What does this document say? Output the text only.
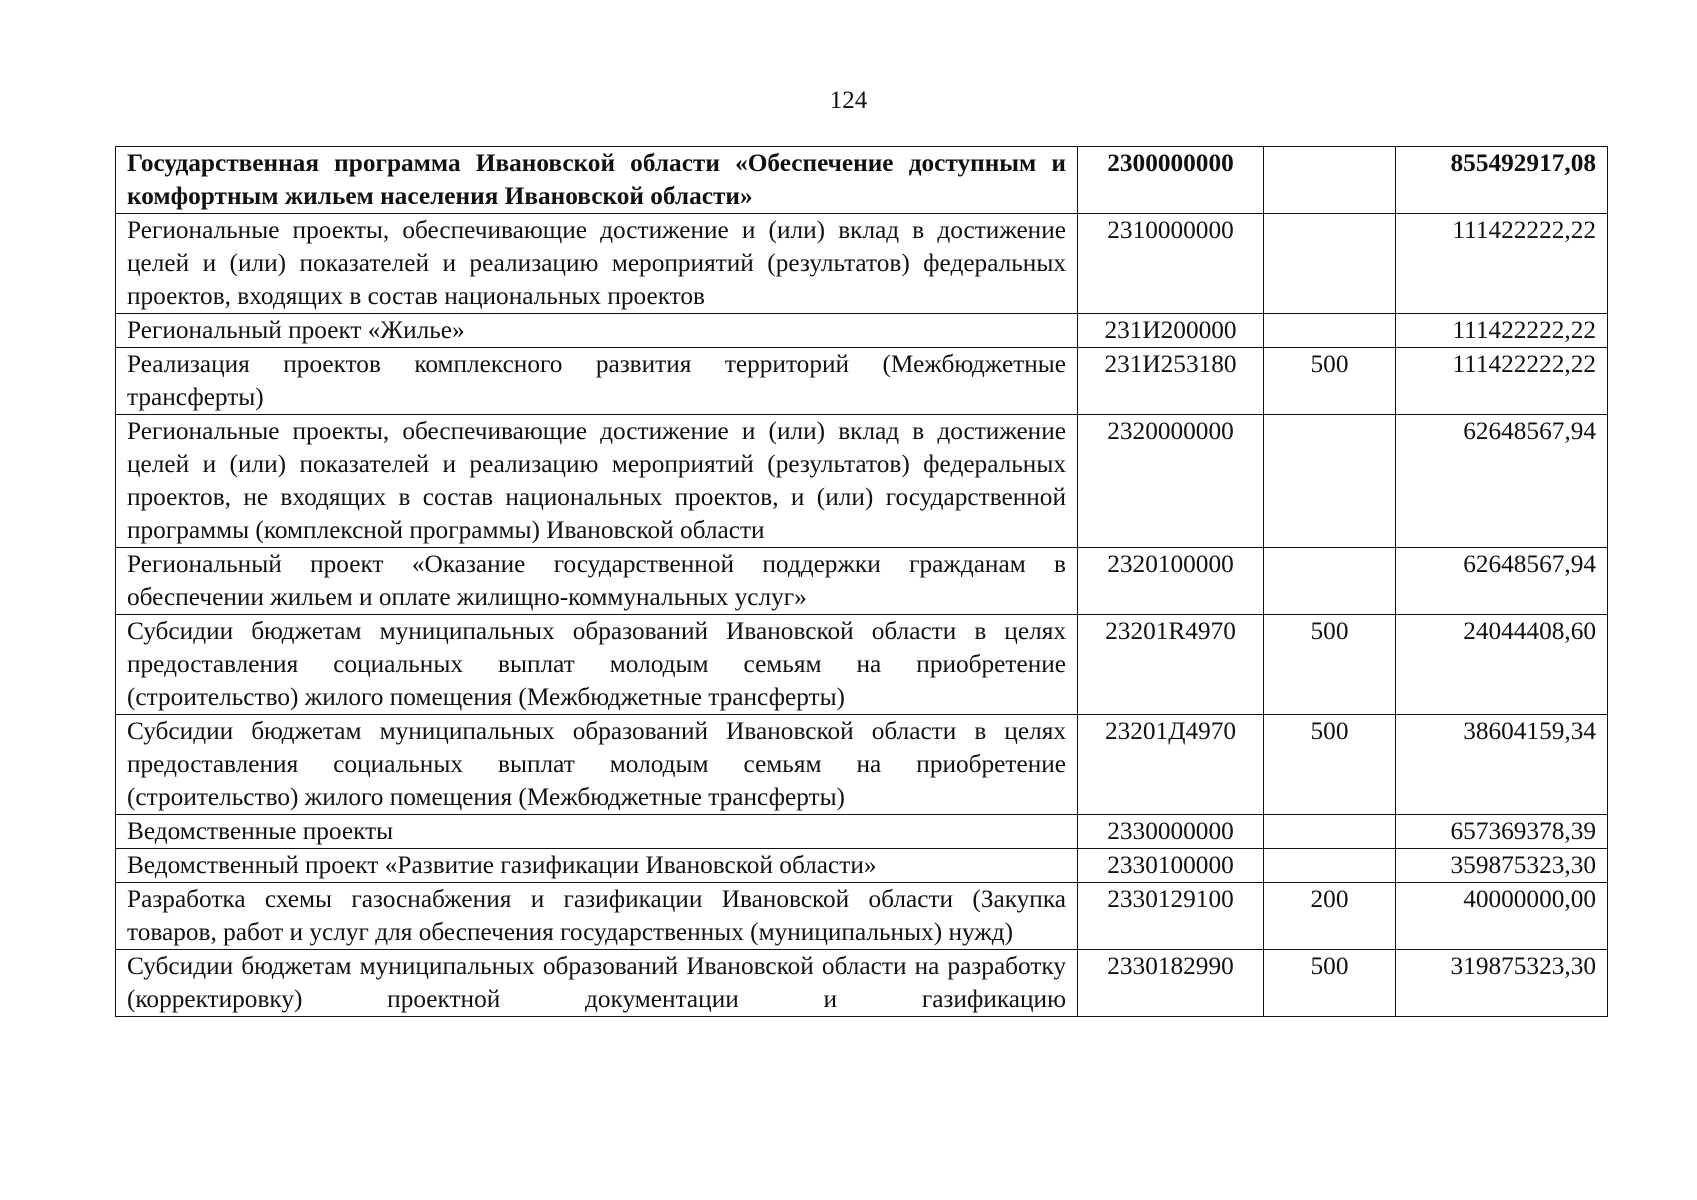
124
Государственная программа Ивановской области «Обеспечение доступным и комфортным жильем населения Ивановской области»	2300000000		855492917,08
Региональные проекты, обеспечивающие достижение и (или) вклад в достижение целей и (или) показателей и реализацию мероприятий (результатов) федеральных проектов, входящих в состав национальных проектов	2310000000		111422222,22
Региональный проект «Жилье»	231И200000		111422222,22
Реализация проектов комплексного развития территорий (Межбюджетные трансферты)	231И253180	500	111422222,22
Региональные проекты, обеспечивающие достижение и (или) вклад в достижение целей и (или) показателей и реализацию мероприятий (результатов) федеральных проектов, не входящих в состав национальных проектов, и (или) государственной программы (комплексной программы) Ивановской области	2320000000		62648567,94
Региональный проект «Оказание государственной поддержки гражданам в обеспечении жильем и оплате жилищно-коммунальных услуг»	2320100000		62648567,94
Субсидии бюджетам муниципальных образований Ивановской области в целях предоставления социальных выплат молодым семьям на приобретение (строительство) жилого помещения (Межбюджетные трансферты)	23201R4970	500	24044408,60
Субсидии бюджетам муниципальных образований Ивановской области в целях предоставления социальных выплат молодым семьям на приобретение (строительство) жилого помещения (Межбюджетные трансферты)	23201Д4970	500	38604159,34
Ведомственные проекты	2330000000		657369378,39
Ведомственный проект «Развитие газификации Ивановской области»	2330100000		359875323,30
Разработка схемы газоснабжения и газификации Ивановской области (Закупка товаров, работ и услуг для обеспечения государственных (муниципальных) нужд)	2330129100	200	40000000,00
Субсидии бюджетам муниципальных образований Ивановской области на разработку (корректировку) проектной документации и газификацию	2330182990	500	319875323,30
